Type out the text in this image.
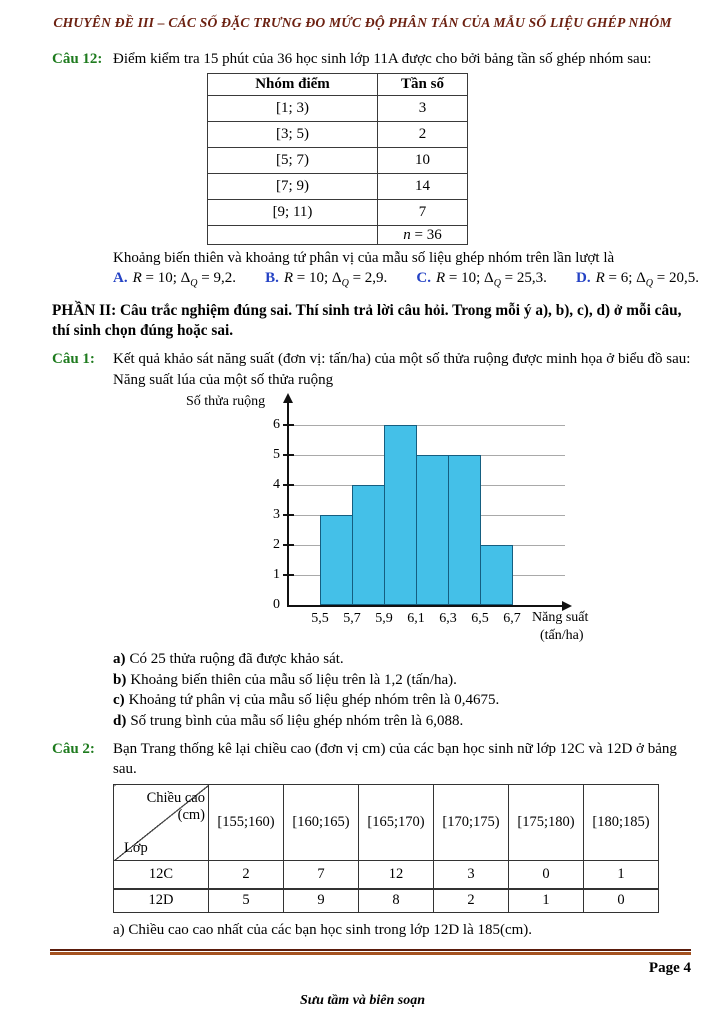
CHUYÊN ĐỀ III – CÁC SỐ ĐẶC TRƯNG ĐO MỨC ĐỘ PHÂN TÁN CỦA MẪU SỐ LIỆU GHÉP NHÓM
Câu 12: Điểm kiểm tra 15 phút của 36 học sinh lớp 11A được cho bởi bảng tần số ghép nhóm sau:
Nhóm điểm	Tần số
[1; 3)	3
[3; 5)	2
[5; 7)	10
[7; 9)	14
[9; 11)	7
	n = 36
Khoảng biến thiên và khoảng tứ phân vị của mẫu số liệu ghép nhóm trên lần lượt là
A. R = 10; $\Delta_Q = 9,2$. B. R = 10; $\Delta_Q = 2,9$. C. R = 10; $\Delta_Q = 25,3$. D. R = 6; $\Delta_Q = 20,5$.
PHẦN II: Câu trắc nghiệm đúng sai. Thí sinh trả lời câu hỏi. Trong mỗi ý a), b), c), d) ở mỗi câu, thí sinh chọn đúng hoặc sai.
Câu 1:	Kết quả khảo sát năng suất (đơn vị: tấn/ha) của một số thửa ruộng được minh họa ở biểu đồ sau:
Năng suất lúa của một số thửa ruộng
Số thửa ruộng
0
1
2
3
4
5
6
5,5	5,7	5,9	6,1	6,3	6,5	6,7 Năng suất
(tấn/ha)
a) Có 25 thửa ruộng đã được khảo sát.
b) Khoảng biến thiên của mẫu số liệu trên là 1,2 (tấn/ha).
c) Khoảng tứ phân vị của mẫu số liệu ghép nhóm trên là 0,4675.
d) Số trung bình của mẫu số liệu ghép nhóm trên là 6,088.
Câu 2:	Bạn Trang thống kê lại chiều cao (đơn vị cm) của các bạn học sinh nữ lớp 12C và 12D ở bảng sau.
Chiều cao
(cm)
Lớp	[155;160)	[160;165)	[165;170)	[170;175)	[175;180)	[180;185)
12C	2	7	12	3	0	1
12D	5	9	8	2	1	0
a) Chiều cao cao nhất của các bạn học sinh trong lớp 12D là 185(cm).
Page 4
Sưu tầm và biên soạn
